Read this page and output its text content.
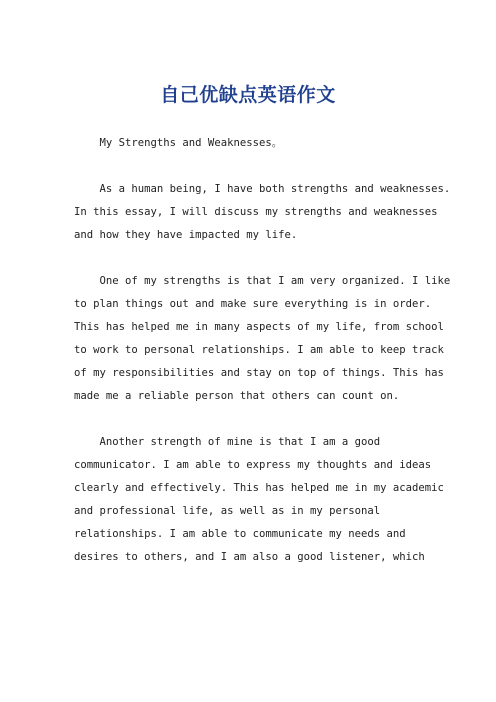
自己优缺点英语作文
My Strengths and Weaknesses。
As a human being, I have both strengths and weaknesses.
In this essay, I will discuss my strengths and weaknesses
and how they have impacted my life.
One of my strengths is that I am very organized. I like
to plan things out and make sure everything is in order.
This has helped me in many aspects of my life, from school
to work to personal relationships. I am able to keep track
of my responsibilities and stay on top of things. This has
made me a reliable person that others can count on.
Another strength of mine is that I am a good
communicator. I am able to express my thoughts and ideas
clearly and effectively. This has helped me in my academic
and professional life, as well as in my personal
relationships. I am able to communicate my needs and
desires to others, and I am also a good listener, which
